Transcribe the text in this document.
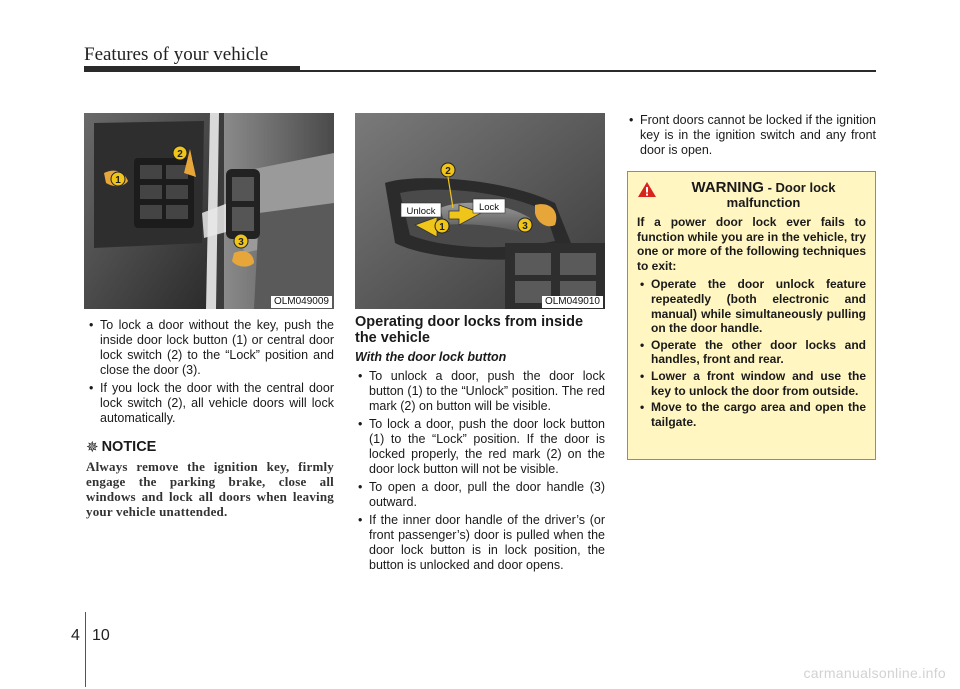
Features of your vehicle
1
2
3
OLM049009
Unlock	Lock
2
1	3
OLM049010
• To lock a door without the key, push the inside door lock button (1) or central door lock switch (2) to the “Lock” position and close the door (3).
• If you lock the door with the central door lock switch (2), all vehicle doors will lock automatically.
✵ NOTICE
Always remove the ignition key, firmly engage the parking brake, close all windows and lock all doors when leaving your vehicle unattended.
Operating door locks from inside the vehicle
With the door lock button
• To unlock a door, push the door lock button (1) to the “Unlock” position. The red mark (2) on button will be visible.
• To lock a door, push the door lock button (1) to the “Lock” position. If the door is locked properly, the red mark (2) on the door lock button will not be visible.
• To open a door, pull the door handle (3) outward.
• If the inner door handle of the driver’s (or front passenger’s) door is pulled when the door lock button is in lock position, the button is unlocked and door opens.
• Front doors cannot be locked if the ignition key is in the ignition switch and any front door is open.
WARNING - Door lock malfunction
If a power door lock ever fails to function while you are in the vehicle, try one or more of the following techniques to exit:
• Operate the door unlock feature repeatedly (both electronic and manual) while simultaneously pulling on the door handle.
• Operate the other door locks and handles, front and rear.
• Lower a front window and use the key to unlock the door from outside.
• Move to the cargo area and open the tailgate.
4 10
carmanualsonline.info
